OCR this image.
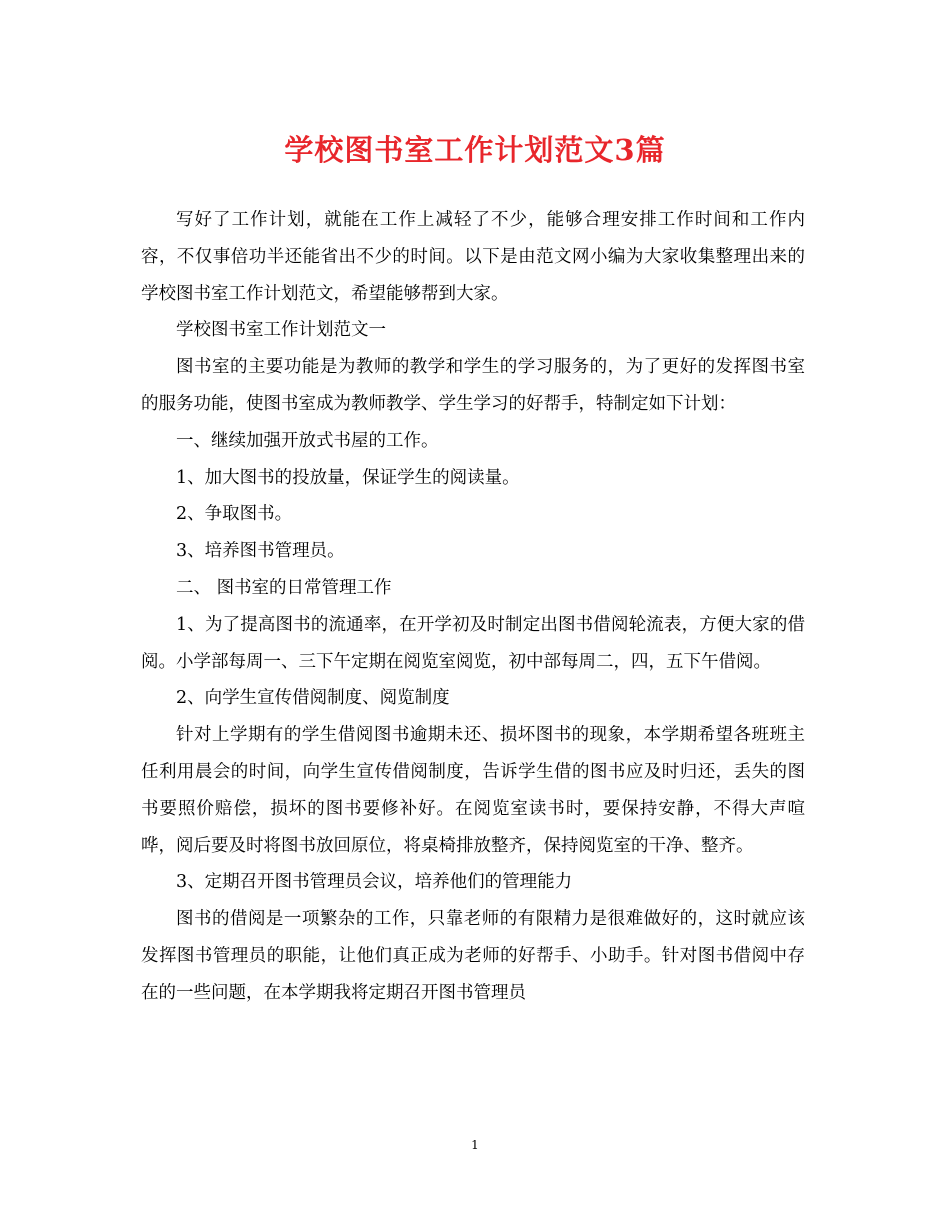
学校图书室工作计划范文3篇

写好了工作计划，就能在工作上减轻了不少，能够合理安排工作时间和工作内容，不仅事倍功半还能省出不少的时间。以下是由范文网小编为大家收集整理出来的学校图书室工作计划范文，希望能够帮到大家。

学校图书室工作计划范文一

图书室的主要功能是为教师的教学和学生的学习服务的，为了更好的发挥图书室的服务功能，使图书室成为教师教学、学生学习的好帮手，特制定如下计划：

一、继续加强开放式书屋的工作。

1、加大图书的投放量，保证学生的阅读量。

2、争取图书。

3、培养图书管理员。

二、 图书室的日常管理工作

1、为了提高图书的流通率，在开学初及时制定出图书借阅轮流表，方便大家的借阅。小学部每周一、三下午定期在阅览室阅览，初中部每周二，四，五下午借阅。

2、向学生宣传借阅制度、阅览制度

针对上学期有的学生借阅图书逾期未还、损坏图书的现象，本学期希望各班班主任利用晨会的时间，向学生宣传借阅制度，告诉学生借的图书应及时归还，丢失的图书要照价赔偿，损坏的图书要修补好。在阅览室读书时，要保持安静，不得大声喧哗，阅后要及时将图书放回原位，将桌椅排放整齐，保持阅览室的干净、整齐。

3、定期召开图书管理员会议，培养他们的管理能力

图书的借阅是一项繁杂的工作，只靠老师的有限精力是很难做好的，这时就应该发挥图书管理员的职能，让他们真正成为老师的好帮手、小助手。针对图书借阅中存在的一些问题，在本学期我将定期召开图书管理员

1
